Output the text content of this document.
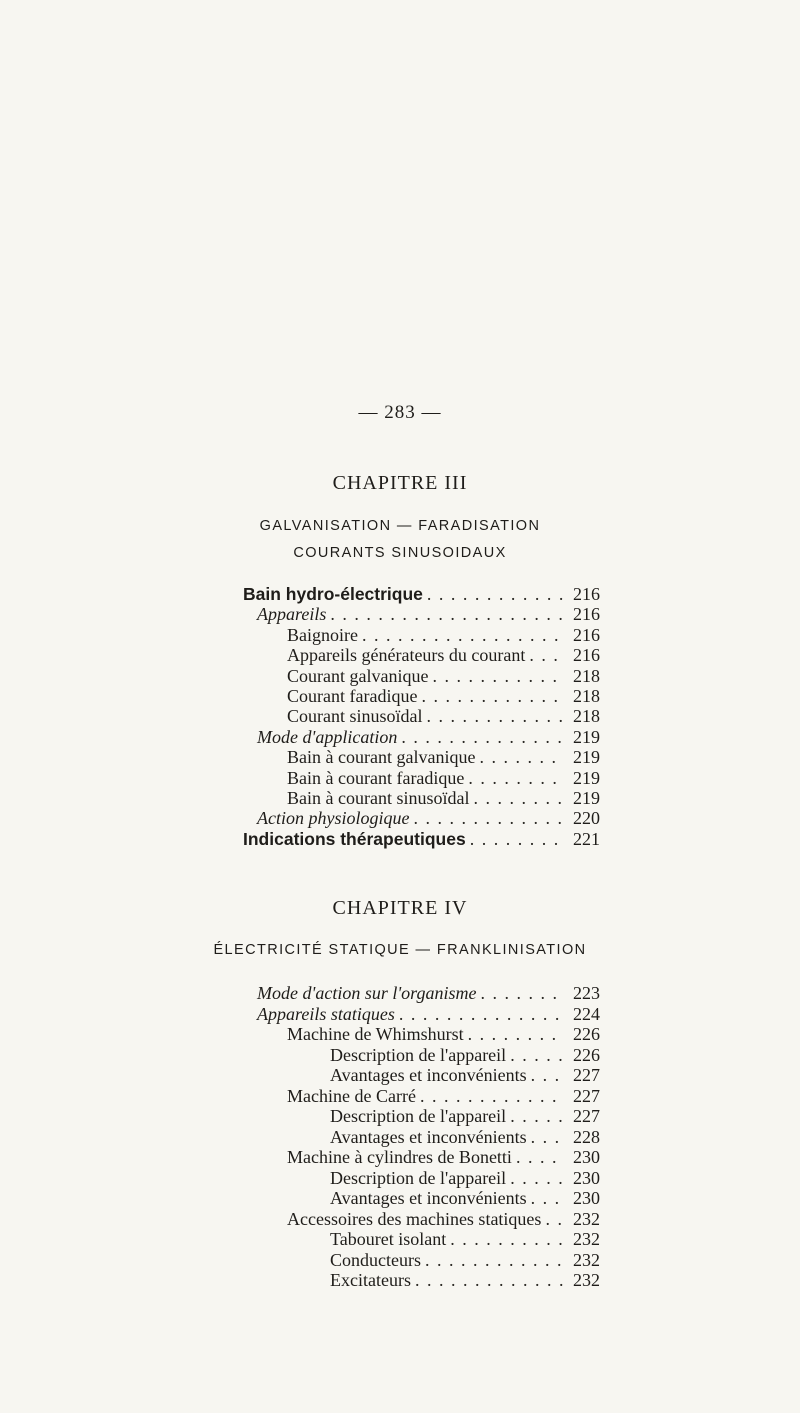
— 283 —
CHAPITRE III
GALVANISATION — FARADISATION
COURANTS SINUSOIDAUX
Bain hydro-électrique . . .	216
Appareils . . .	216
Baignoire . . .	216
Appareils générateurs du courant . . .	216
Courant galvanique . . .	218
Courant faradique . . .	218
Courant sinusoïdal . . .	218
Mode d'application . . .	219
Bain à courant galvanique . . .	219
Bain à courant faradique . . .	219
Bain à courant sinusoïdal . . .	219
Action physiologique . . .	220
Indications thérapeutiques . . .	221
CHAPITRE IV
ÉLECTRICITÉ STATIQUE — FRANKLINISATION
Mode d'action sur l'organisme . . .	223
Appareils statiques . . .	224
Machine de Whimshurst . . .	226
Description de l'appareil . . .	226
Avantages et inconvénients . . .	227
Machine de Carré . . .	227
Description de l'appareil . . .	227
Avantages et inconvénients . . .	228
Machine à cylindres de Bonetti . . .	230
Description de l'appareil . . .	230
Avantages et inconvénients . . .	230
Accessoires des machines statiques . . .	232
Tabouret isolant . . .	232
Conducteurs . . .	232
Excitateurs . . .	232
